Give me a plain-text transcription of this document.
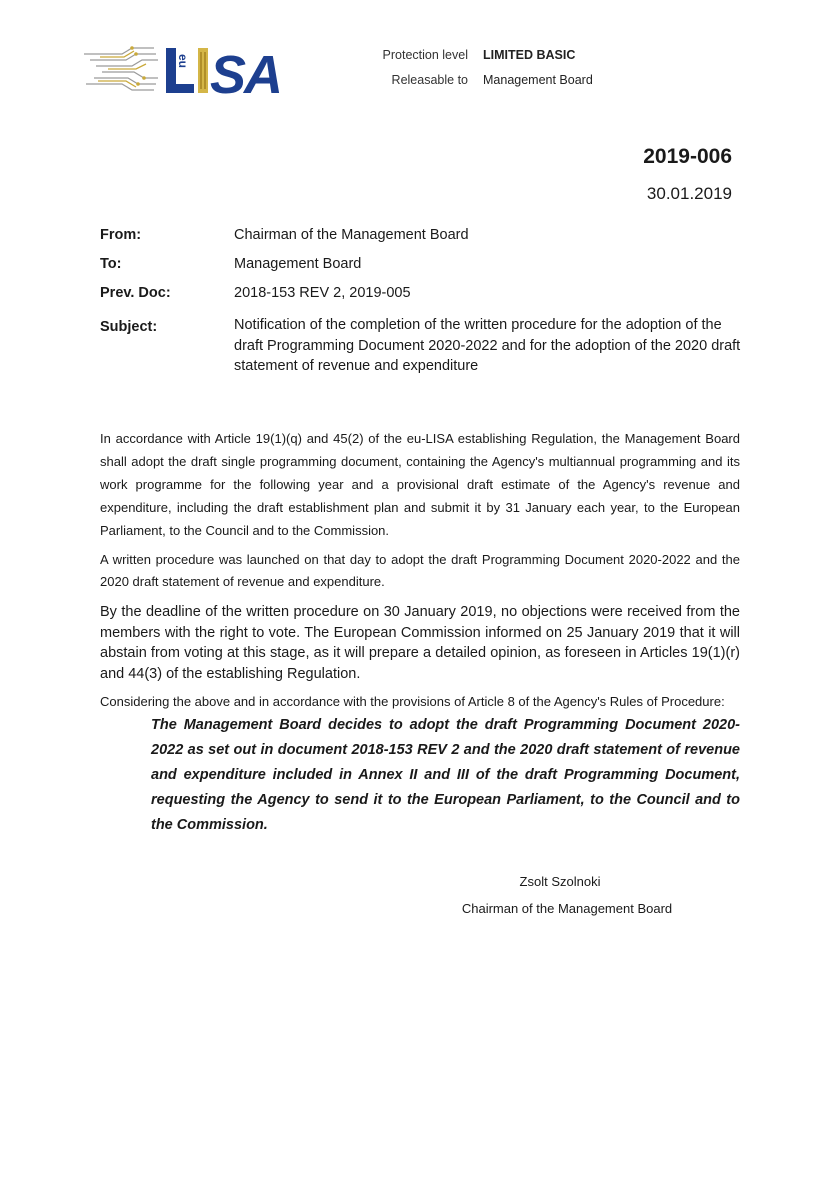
eu SA	Protection level	LIMITED BASIC
Releasable to	Management Board
2019-006
30.01.2019
From:	Chairman of the Management Board
To:	Management Board
Prev. Doc:	2018-153 REV 2, 2019-005
Subject:	Notification of the completion of the written procedure for the adoption of the draft Programming Document 2020-2022 and for the adoption of the 2020 draft statement of revenue and expenditure

In accordance with Article 19(1)(q) and 45(2) of the eu-LISA establishing Regulation, the Management Board shall adopt the draft single programming document, containing the Agency's multiannual programming and its work programme for the following year and a provisional draft estimate of the Agency's revenue and expenditure, including the draft establishment plan and submit it by 31 January each year, to the European Parliament, to the Council and to the Commission.

A written procedure was launched on that day to adopt the draft Programming Document 2020-2022 and the 2020 draft statement of revenue and expenditure.

By the deadline of the written procedure on 30 January 2019, no objections were received from the members with the right to vote. The European Commission informed on 25 January 2019 that it will abstain from voting at this stage, as it will prepare a detailed opinion, as foreseen in Articles 19(1)(r) and 44(3) of the establishing Regulation.

Considering the above and in accordance with the provisions of Article 8 of the Agency's Rules of Procedure:

The Management Board decides to adopt the draft Programming Document 2020-2022 as set out in document 2018-153 REV 2 and the 2020 draft statement of revenue and expenditure included in Annex II and III of the draft Programming Document, requesting the Agency to send it to the European Parliament, to the Council and to the Commission.

Zsolt Szolnoki
Chairman of the Management Board
